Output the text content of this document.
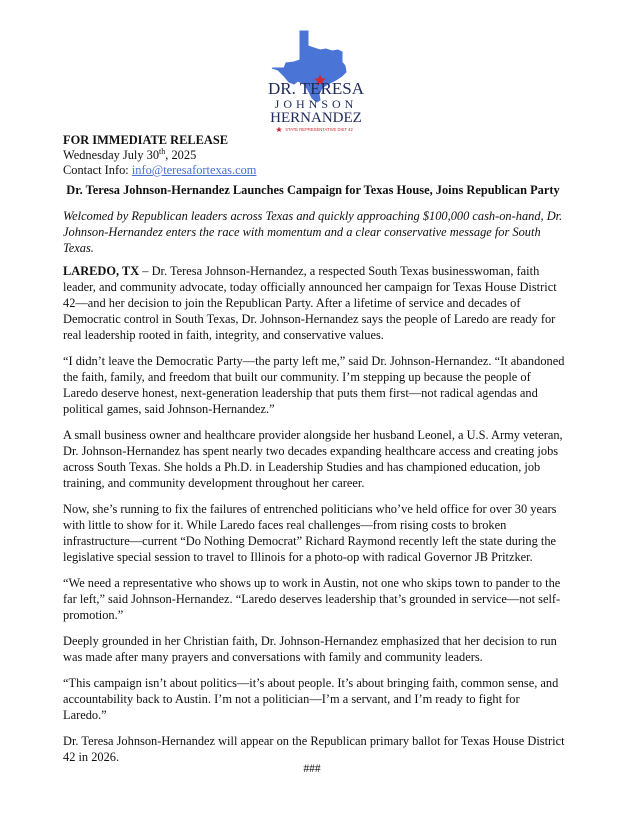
DR. TERESA
JOHNSON
HERNANDEZ
STATE REPRESENTATIVE DIST 42
FOR IMMEDIATE RELEASE
Wednesday July 30th, 2025
Contact Info: info@teresafortexas.com
Dr. Teresa Johnson-Hernandez Launches Campaign for Texas House, Joins Republican Party
Welcomed by Republican leaders across Texas and quickly approaching $100,000 cash-on-hand, Dr. Johnson-Hernandez enters the race with momentum and a clear conservative message for South Texas.

LAREDO, TX – Dr. Teresa Johnson-Hernandez, a respected South Texas businesswoman, faith leader, and community advocate, today officially announced her campaign for Texas House District 42—and her decision to join the Republican Party. After a lifetime of service and decades of Democratic control in South Texas, Dr. Johnson-Hernandez says the people of Laredo are ready for real leadership rooted in faith, integrity, and conservative values.

“I didn’t leave the Democratic Party—the party left me,” said Dr. Johnson-Hernandez. “It abandoned the faith, family, and freedom that built our community. I’m stepping up because the people of Laredo deserve honest, next-generation leadership that puts them first—not radical agendas and political games, said Johnson-Hernandez.”

A small business owner and healthcare provider alongside her husband Leonel, a U.S. Army veteran, Dr. Johnson-Hernandez has spent nearly two decades expanding healthcare access and creating jobs across South Texas. She holds a Ph.D. in Leadership Studies and has championed education, job training, and community development throughout her career.

Now, she’s running to fix the failures of entrenched politicians who’ve held office for over 30 years with little to show for it. While Laredo faces real challenges—from rising costs to broken infrastructure—current “Do Nothing Democrat” Richard Raymond recently left the state during the legislative special session to travel to Illinois for a photo-op with radical Governor JB Pritzker.

“We need a representative who shows up to work in Austin, not one who skips town to pander to the far left,” said Johnson-Hernandez. “Laredo deserves leadership that’s grounded in service—not self-promotion.”

Deeply grounded in her Christian faith, Dr. Johnson-Hernandez emphasized that her decision to run was made after many prayers and conversations with family and community leaders.

“This campaign isn’t about politics—it’s about people. It’s about bringing faith, common sense, and accountability back to Austin. I’m not a politician—I’m a servant, and I’m ready to fight for Laredo.”

Dr. Teresa Johnson-Hernandez will appear on the Republican primary ballot for Texas House District 42 in 2026.

###
